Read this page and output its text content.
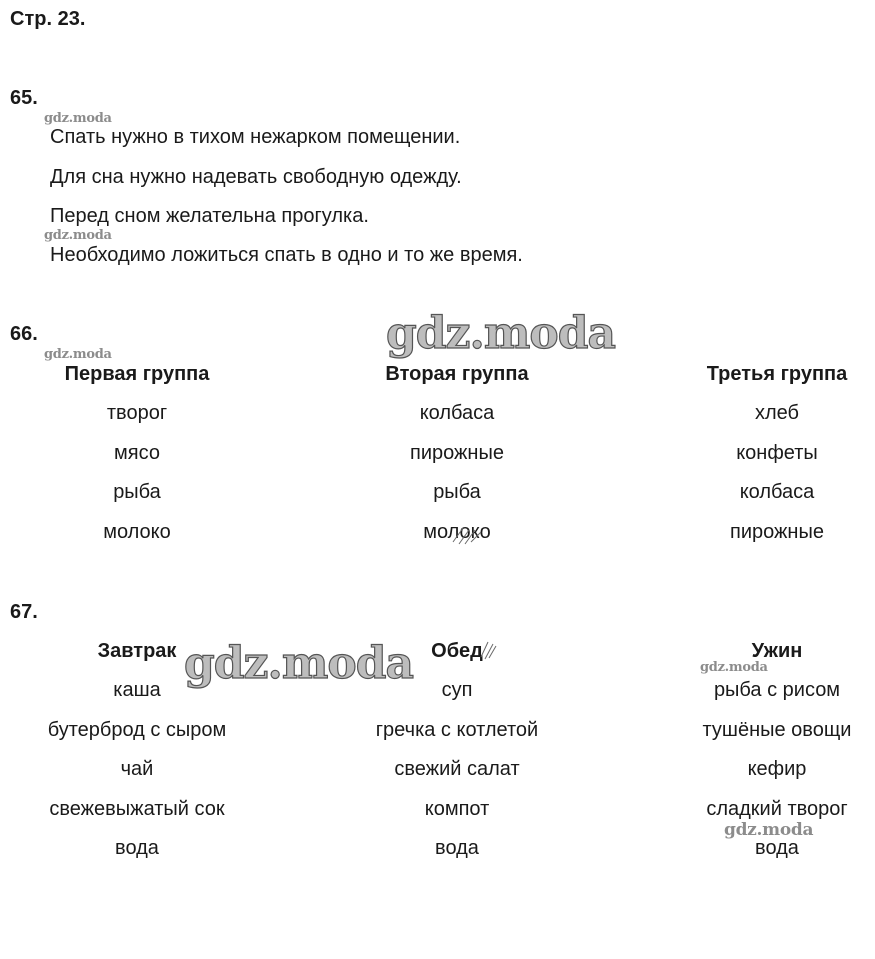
Стр. 23.
65.
Спать нужно в тихом нежарком помещении.
Для сна нужно надевать свободную одежду.
Перед сном желательна прогулка.
Необходимо ложиться спать в одно и то же время.
66.
Первая группа
творог
мясо
рыба
молоко
Вторая группа
колбаса
пирожные
рыба
молоко
Третья группа
хлеб
конфеты
колбаса
пирожные
67.
Завтрак
каша
бутерброд с сыром
чай
свежевыжатый сок
вода
Обед
суп
гречка с котлетой
свежий салат
компот
вода
Ужин
рыба с рисом
тушёные овощи
кефир
сладкий творог
вода
gdz.moda
gdz.moda
gdz.moda
gdz.moda
gdz.moda
gdz.moda
gdz.moda
